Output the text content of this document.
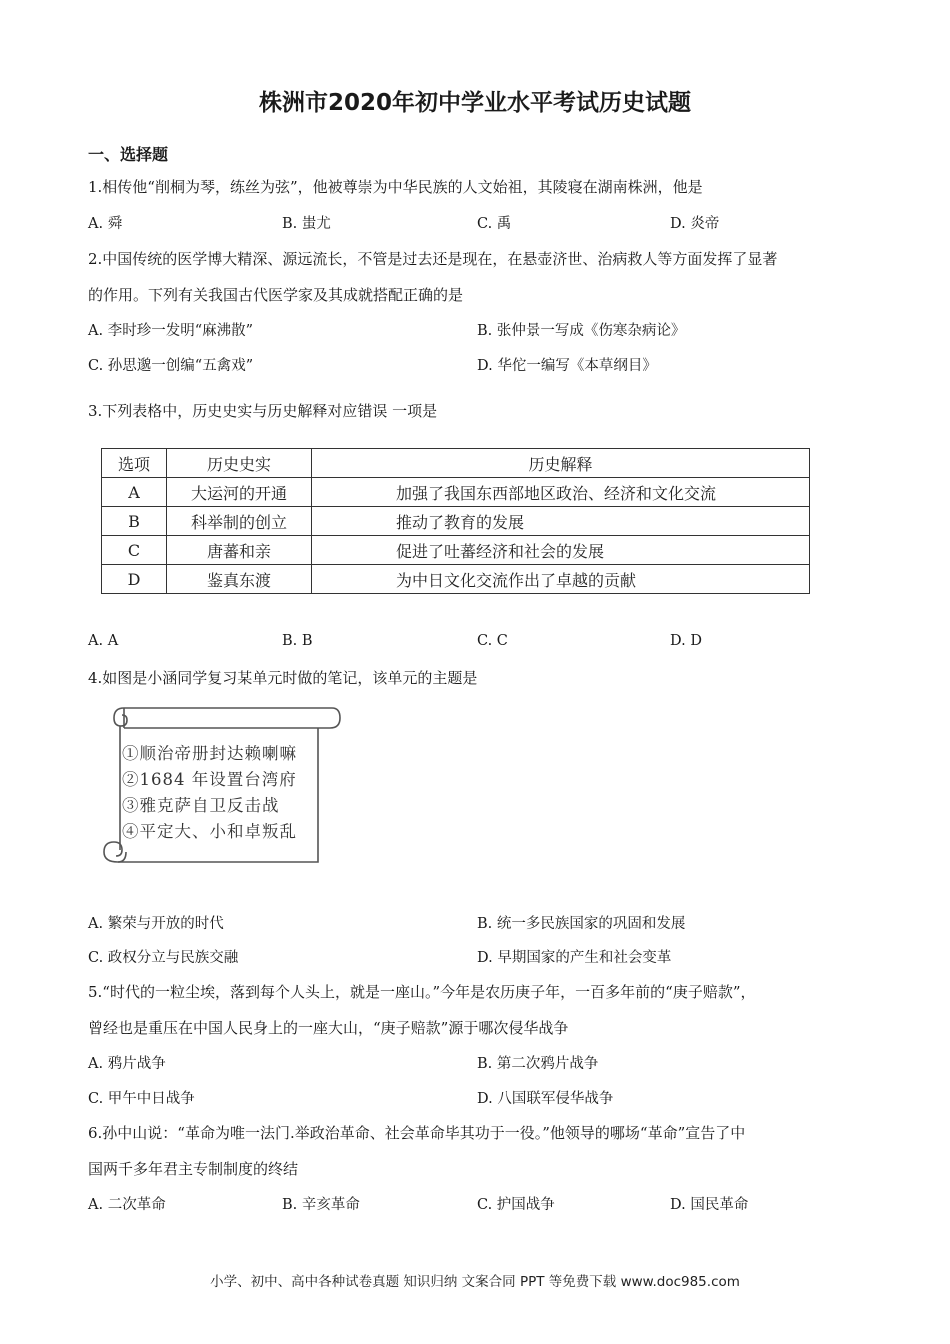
株洲市2020年初中学业水平考试历史试题
一、选择题
1.相传他“削桐为琴，练丝为弦”，他被尊崇为中华民族的人文始祖，其陵寝在湖南株洲，他是
A. 舜	B. 蚩尤	C. 禹	D. 炎帝
2.中国传统的医学博大精深、源远流长，不管是过去还是现在，在悬壶济世、治病救人等方面发挥了显著
的作用。下列有关我国古代医学家及其成就搭配正确的是
A. 李时珍一发明“麻沸散”	B. 张仲景一写成《伤寒杂病论》
C. 孙思邈一创编“五禽戏”	D. 华佗一编写《本草纲目》
3.下列表格中，历史史实与历史解释对应错误 一项是
选项	历史史实	历史解释
A	大运河的开通	加强了我国东西部地区政治、经济和文化交流
B	科举制的创立	推动了教育的发展
C	唐蕃和亲	促进了吐蕃经济和社会的发展
D	鉴真东渡	为中日文化交流作出了卓越的贡献
A. A	B. B	C. C	D. D
4.如图是小涵同学复习某单元时做的笔记，该单元的主题是
①顺治帝册封达赖喇嘛
②1684 年设置台湾府
③雅克萨自卫反击战
④平定大、小和卓叛乱
A. 繁荣与开放的时代	B. 统一多民族国家的巩固和发展
C. 政权分立与民族交融	D. 早期国家的产生和社会变革
5.“时代的一粒尘埃，落到每个人头上，就是一座山。”今年是农历庚子年，一百多年前的“庚子赔款”，
曾经也是重压在中国人民身上的一座大山，“庚子赔款”源于哪次侵华战争
A. 鸦片战争	B. 第二次鸦片战争
C. 甲午中日战争	D. 八国联军侵华战争
6.孙中山说：“革命为唯一法门.举政治革命、社会革命毕其功于一役。”他领导的哪场“革命”宣告了中
国两千多年君主专制制度的终结
A. 二次革命	B. 辛亥革命	C. 护国战争	D. 国民革命
小学、初中、高中各种试卷真题 知识归纳 文案合同 PPT 等免费下载 www.doc985.com
